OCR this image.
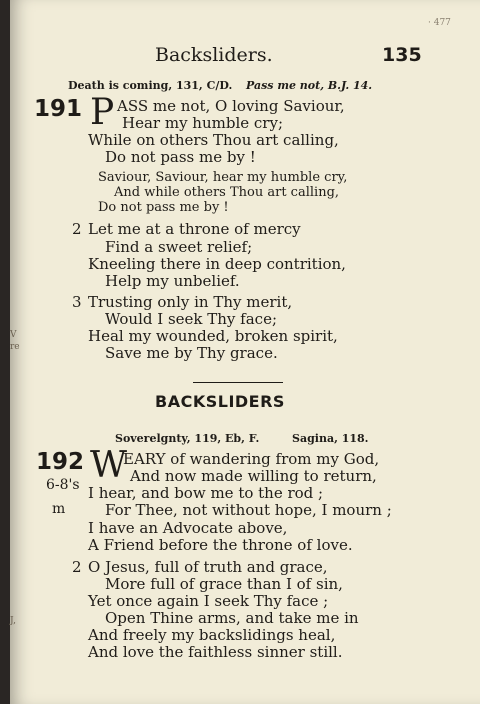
· 477
Backsliders.	135
Death is coming, 131, C/D. Pass me not, B.J. 14.
191 P ASS me not, O loving Saviour,
Hear my humble cry;
While on others Thou art calling,
Do not pass me by !
Saviour, Saviour, hear my humble cry,
And while others Thou art calling,
Do not pass me by !
2 Let me at a throne of mercy
Find a sweet relief;
Kneeling there in deep contrition,
Help my unbelief.
3 Trusting only in Thy merit,
Would I seek Thy face;
Heal my wounded, broken spirit,
Save me by Thy grace.
BACKSLIDERS
Soverelgnty, 119, Eb, F.	Sagina, 118.
192 W
EARY of wandering from my God,
And now made willing to return,
6-8's I hear, and bow me to the rod ;
m	For Thee, not without hope, I mourn ;
I have an Advocate above,
A Friend before the throne of love.
2 O Jesus, full of truth and grace,
More full of grace than I of sin,
Yet once again I seek Thy face ;
Open Thine arms, and take me in
And freely my backslidings heal,
And love the faithless sinner still.
V
re
J,
